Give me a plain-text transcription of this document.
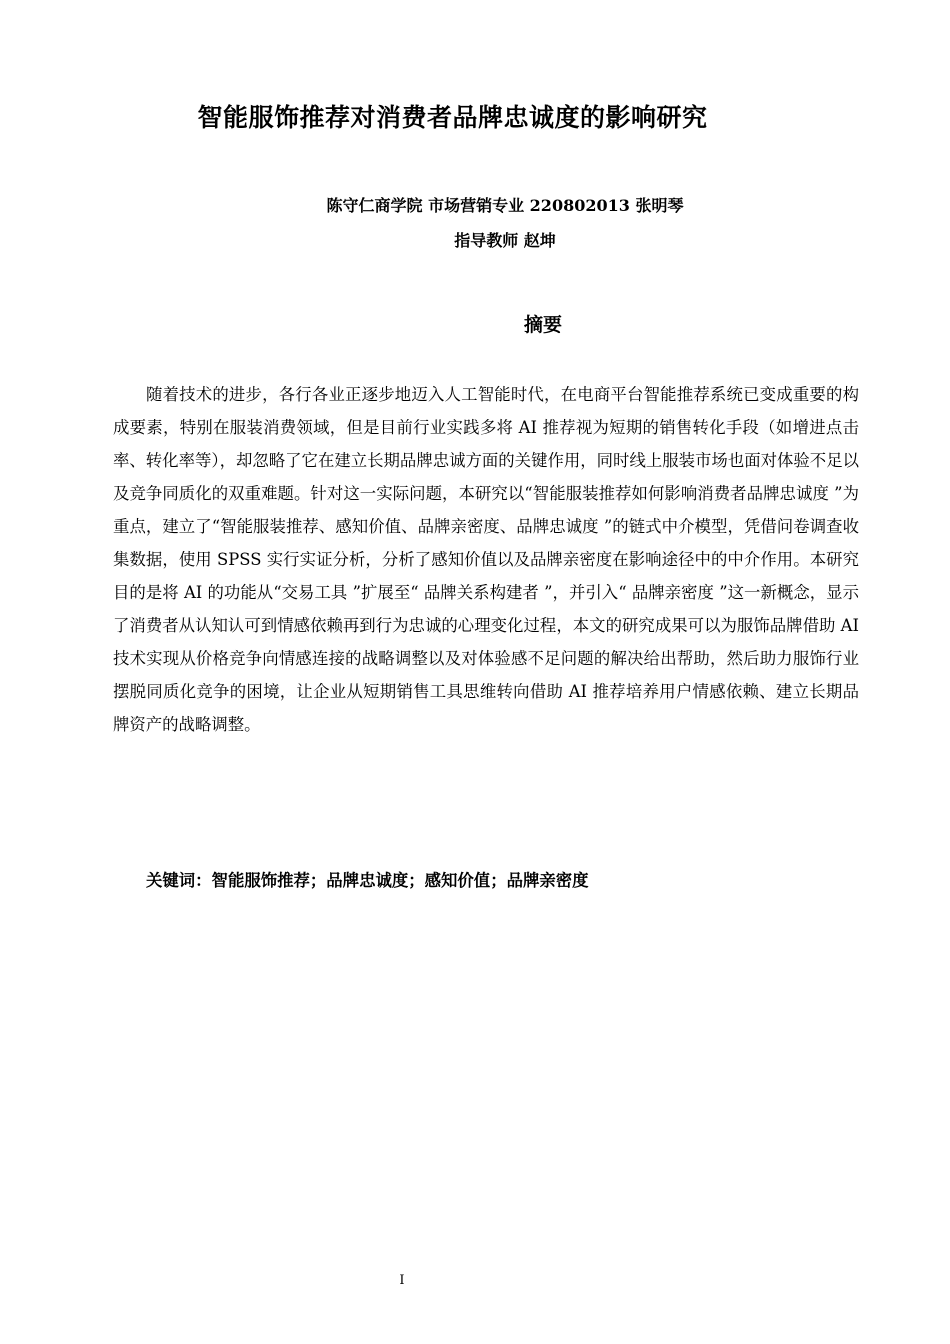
智能服饰推荐对消费者品牌忠诚度的影响研究
陈守仁商学院 市场营销专业 220802013 张明琴
指导教师 赵坤
摘要

随着技术的进步，各行各业正逐步地迈入人工智能时代，在电商平台智能推荐系统已变成重要的构成要素，特别在服装消费领域，但是目前行业实践多将 AI 推荐视为短期的销售转化手段（如增进点击率、转化率等），却忽略了它在建立长期品牌忠诚方面的关键作用，同时线上服装市场也面对体验不足以及竞争同质化的双重难题。针对这一实际问题，本研究以“智能服装推荐如何影响消费者品牌忠诚度 ”为重点，建立了“智能服装推荐、感知价值、品牌亲密度、品牌忠诚度 ”的链式中介模型，凭借问卷调查收集数据，使用 SPSS 实行实证分析，分析了感知价值以及品牌亲密度在影响途径中的中介作用。本研究目的是将 AI 的功能从“交易工具 ”扩展至“ 品牌关系构建者 ”，并引入“ 品牌亲密度 ”这一新概念，显示了消费者从认知认可到情感依赖再到行为忠诚的心理变化过程，本文的研究成果可以为服饰品牌借助 AI 技术实现从价格竞争向情感连接的战略调整以及对体验感不足问题的解决给出帮助，然后助力服饰行业摆脱同质化竞争的困境，让企业从短期销售工具思维转向借助 AI 推荐培养用户情感依赖、建立长期品牌资产的战略调整。

关键词：智能服饰推荐；品牌忠诚度；感知价值；品牌亲密度
I
